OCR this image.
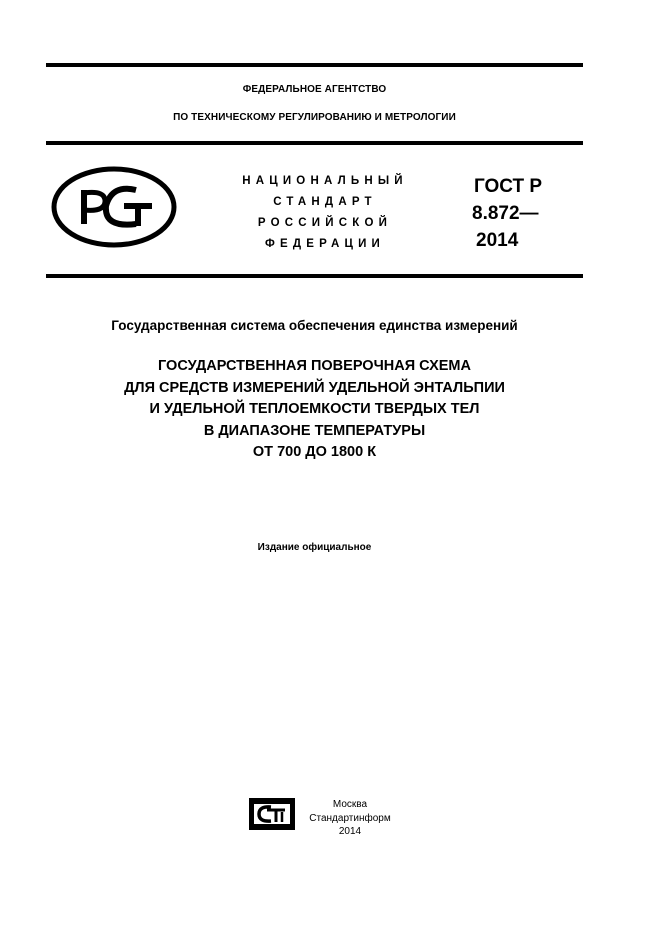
ФЕДЕРАЛЬНОЕ АГЕНТСТВО
ПО ТЕХНИЧЕСКОМУ РЕГУЛИРОВАНИЮ И МЕТРОЛОГИИ
НАЦИОНАЛЬНЫЙ
СТАНДАРТ
РОССИЙСКОЙ
ФЕДЕРАЦИИ
ГОСТ Р
8.872—
2014
Государственная система обеспечения единства измерений
ГОСУДАРСТВЕННАЯ ПОВЕРОЧНАЯ СХЕМА
ДЛЯ СРЕДСТВ ИЗМЕРЕНИЙ УДЕЛЬНОЙ ЭНТАЛЬПИИ
И УДЕЛЬНОЙ ТЕПЛОЕМКОСТИ ТВЕРДЫХ ТЕЛ
В ДИАПАЗОНЕ ТЕМПЕРАТУРЫ
ОТ 700 ДО 1800 К
Издание официальное
Москва
Стандартинформ
2014
